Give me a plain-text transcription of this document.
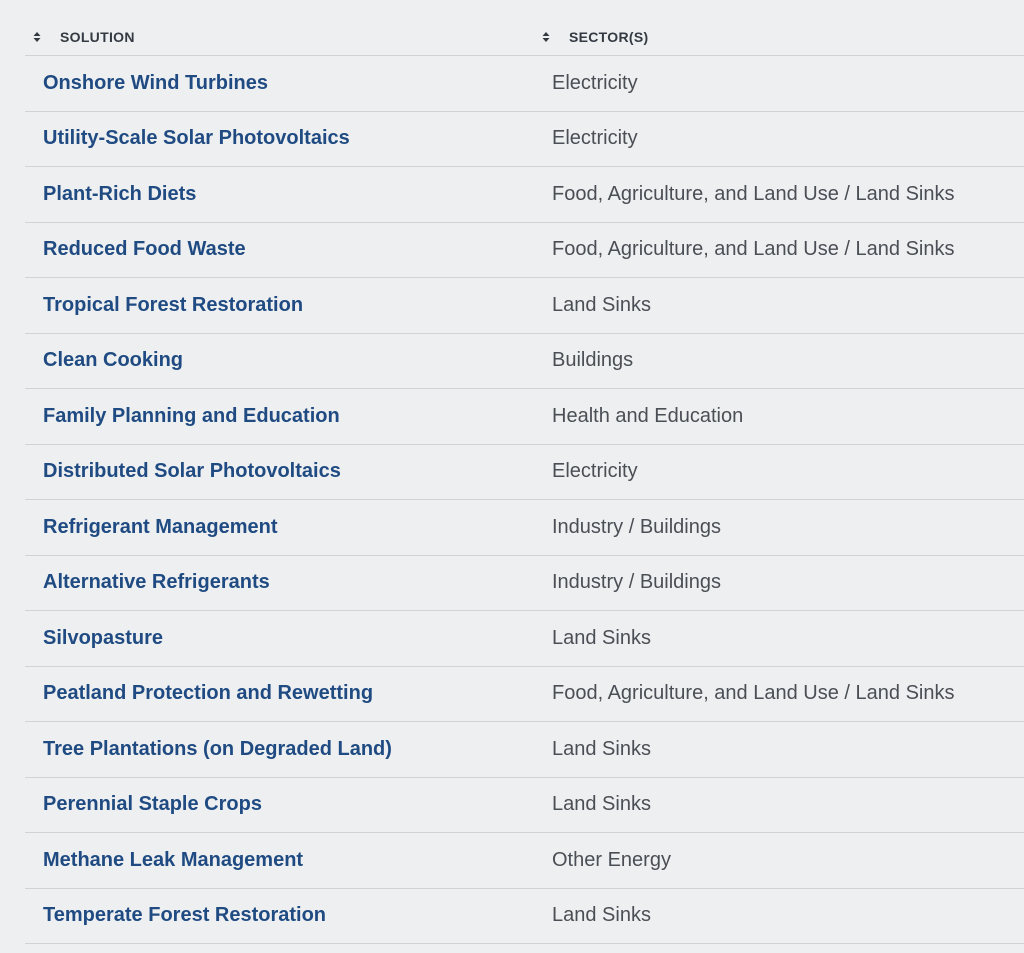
SOLUTION	SECTOR(S)
Onshore Wind Turbines	Electricity
Utility-Scale Solar Photovoltaics	Electricity
Plant-Rich Diets	Food, Agriculture, and Land Use / Land Sinks
Reduced Food Waste	Food, Agriculture, and Land Use / Land Sinks
Tropical Forest Restoration	Land Sinks
Clean Cooking	Buildings
Family Planning and Education	Health and Education
Distributed Solar Photovoltaics	Electricity
Refrigerant Management	Industry / Buildings
Alternative Refrigerants	Industry / Buildings
Silvopasture	Land Sinks
Peatland Protection and Rewetting	Food, Agriculture, and Land Use / Land Sinks
Tree Plantations (on Degraded Land)	Land Sinks
Perennial Staple Crops	Land Sinks
Methane Leak Management	Other Energy
Temperate Forest Restoration	Land Sinks
